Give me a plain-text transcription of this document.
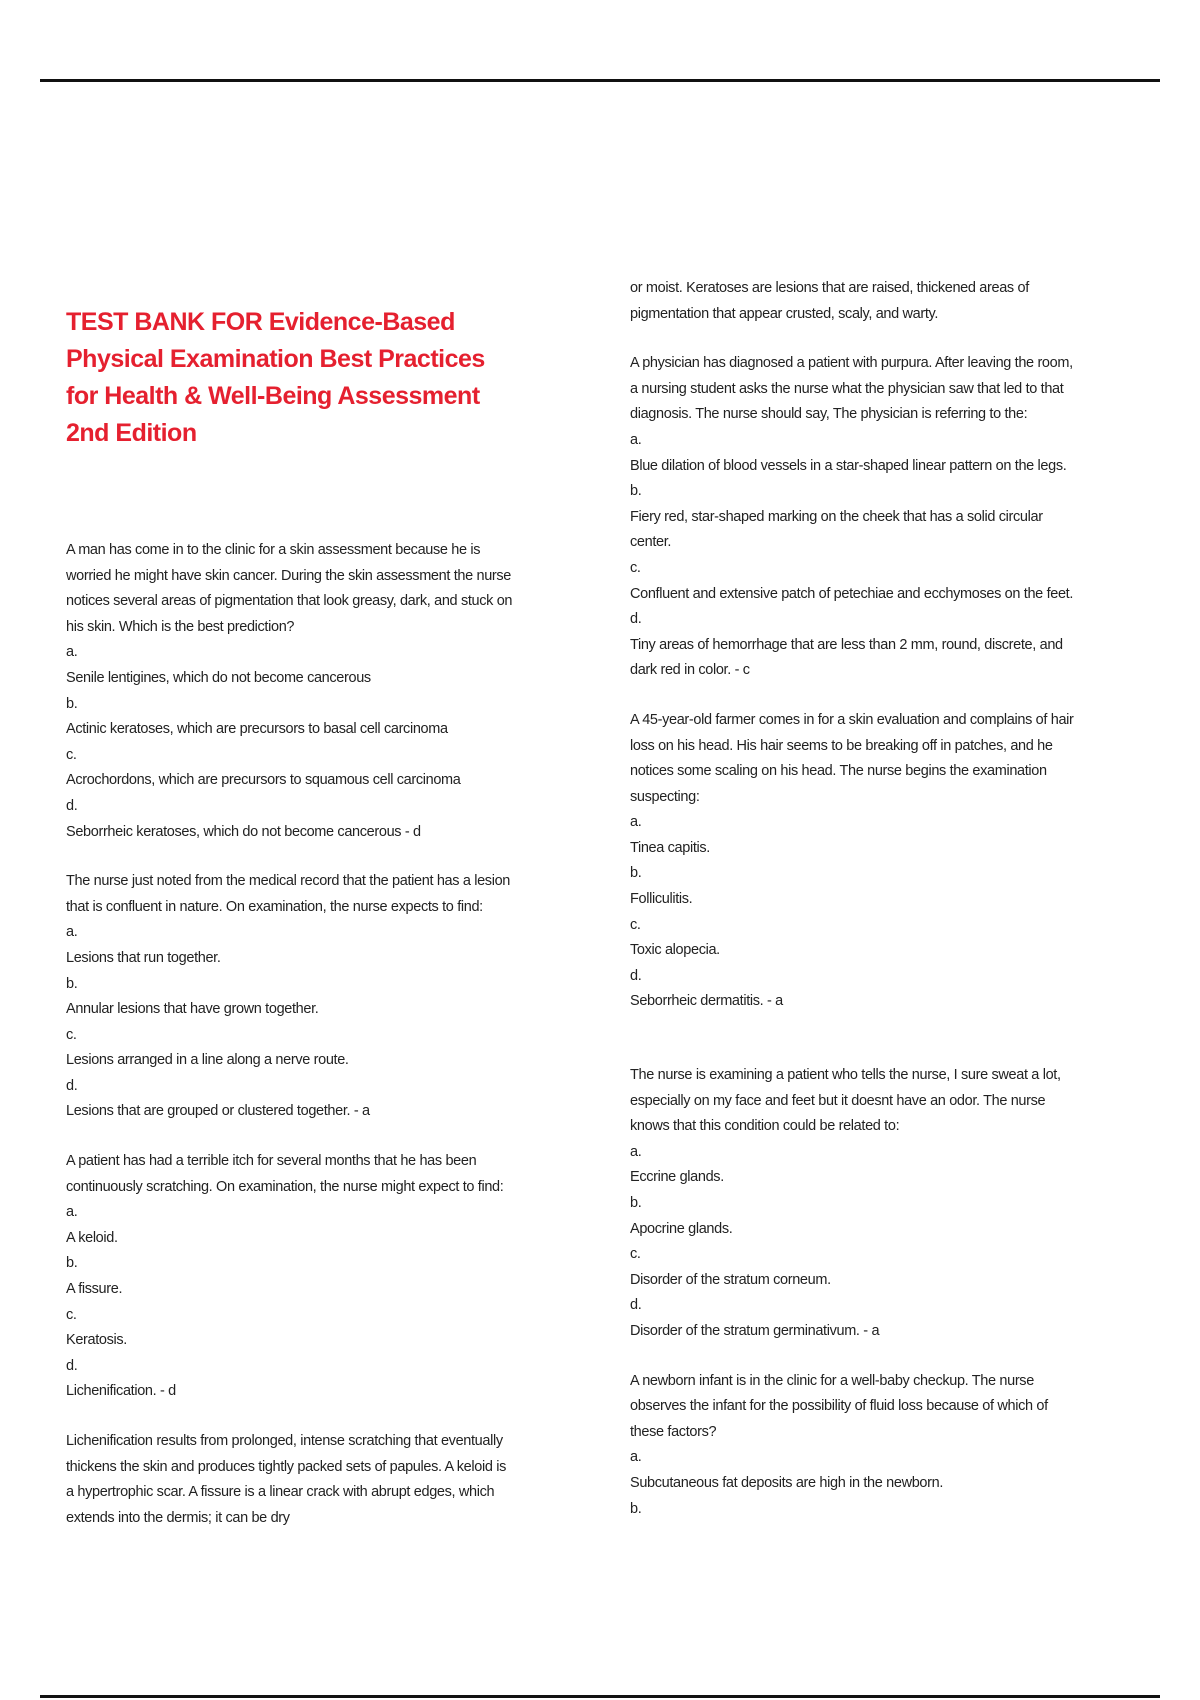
TEST BANK FOR Evidence-Based Physical Examination Best Practices for Health & Well-Being Assessment 2nd Edition

A man has come in to the clinic for a skin assessment because he is worried he might have skin cancer. During the skin assessment the nurse notices several areas of pigmentation that look greasy, dark, and stuck on his skin. Which is the best prediction?

a.

Senile lentigines, which do not become cancerous

b.

Actinic keratoses, which are precursors to basal cell carcinoma

c.

Acrochordons, which are precursors to squamous cell carcinoma

d.

Seborrheic keratoses, which do not become cancerous - d

The nurse just noted from the medical record that the patient has a lesion that is confluent in nature. On examination, the nurse expects to find:

a.

Lesions that run together.

b.

Annular lesions that have grown together.

c.

Lesions arranged in a line along a nerve route.

d.

Lesions that are grouped or clustered together. - a

A patient has had a terrible itch for several months that he has been continuously scratching. On examination, the nurse might expect to find:

a.

A keloid.

b.

A fissure.

c.

Keratosis.

d.

Lichenification. - d

Lichenification results from prolonged, intense scratching that eventually thickens the skin and produces tightly packed sets of papules. A keloid is a hypertrophic scar. A fissure is a linear crack with abrupt edges, which extends into the dermis; it can be dry

or moist. Keratoses are lesions that are raised, thickened areas of pigmentation that appear crusted, scaly, and warty.

A physician has diagnosed a patient with purpura. After leaving the room, a nursing student asks the nurse what the physician saw that led to that diagnosis. The nurse should say, The physician is referring to the:

a.

Blue dilation of blood vessels in a star-shaped linear pattern on the legs.

b.

Fiery red, star-shaped marking on the cheek that has a solid circular center.

c.

Confluent and extensive patch of petechiae and ecchymoses on the feet.

d.

Tiny areas of hemorrhage that are less than 2 mm, round, discrete, and dark red in color. - c

A 45-year-old farmer comes in for a skin evaluation and complains of hair loss on his head. His hair seems to be breaking off in patches, and he notices some scaling on his head. The nurse begins the examination suspecting:

a.

Tinea capitis.

b.

Folliculitis.

c.

Toxic alopecia.

d.

Seborrheic dermatitis. - a

The nurse is examining a patient who tells the nurse, I sure sweat a lot, especially on my face and feet but it doesnt have an odor. The nurse knows that this condition could be related to:

a.

Eccrine glands.

b.

Apocrine glands.

c.

Disorder of the stratum corneum.

d.

Disorder of the stratum germinativum. - a

A newborn infant is in the clinic for a well-baby checkup. The nurse observes the infant for the possibility of fluid loss because of which of these factors?

a.

Subcutaneous fat deposits are high in the newborn.

b.
